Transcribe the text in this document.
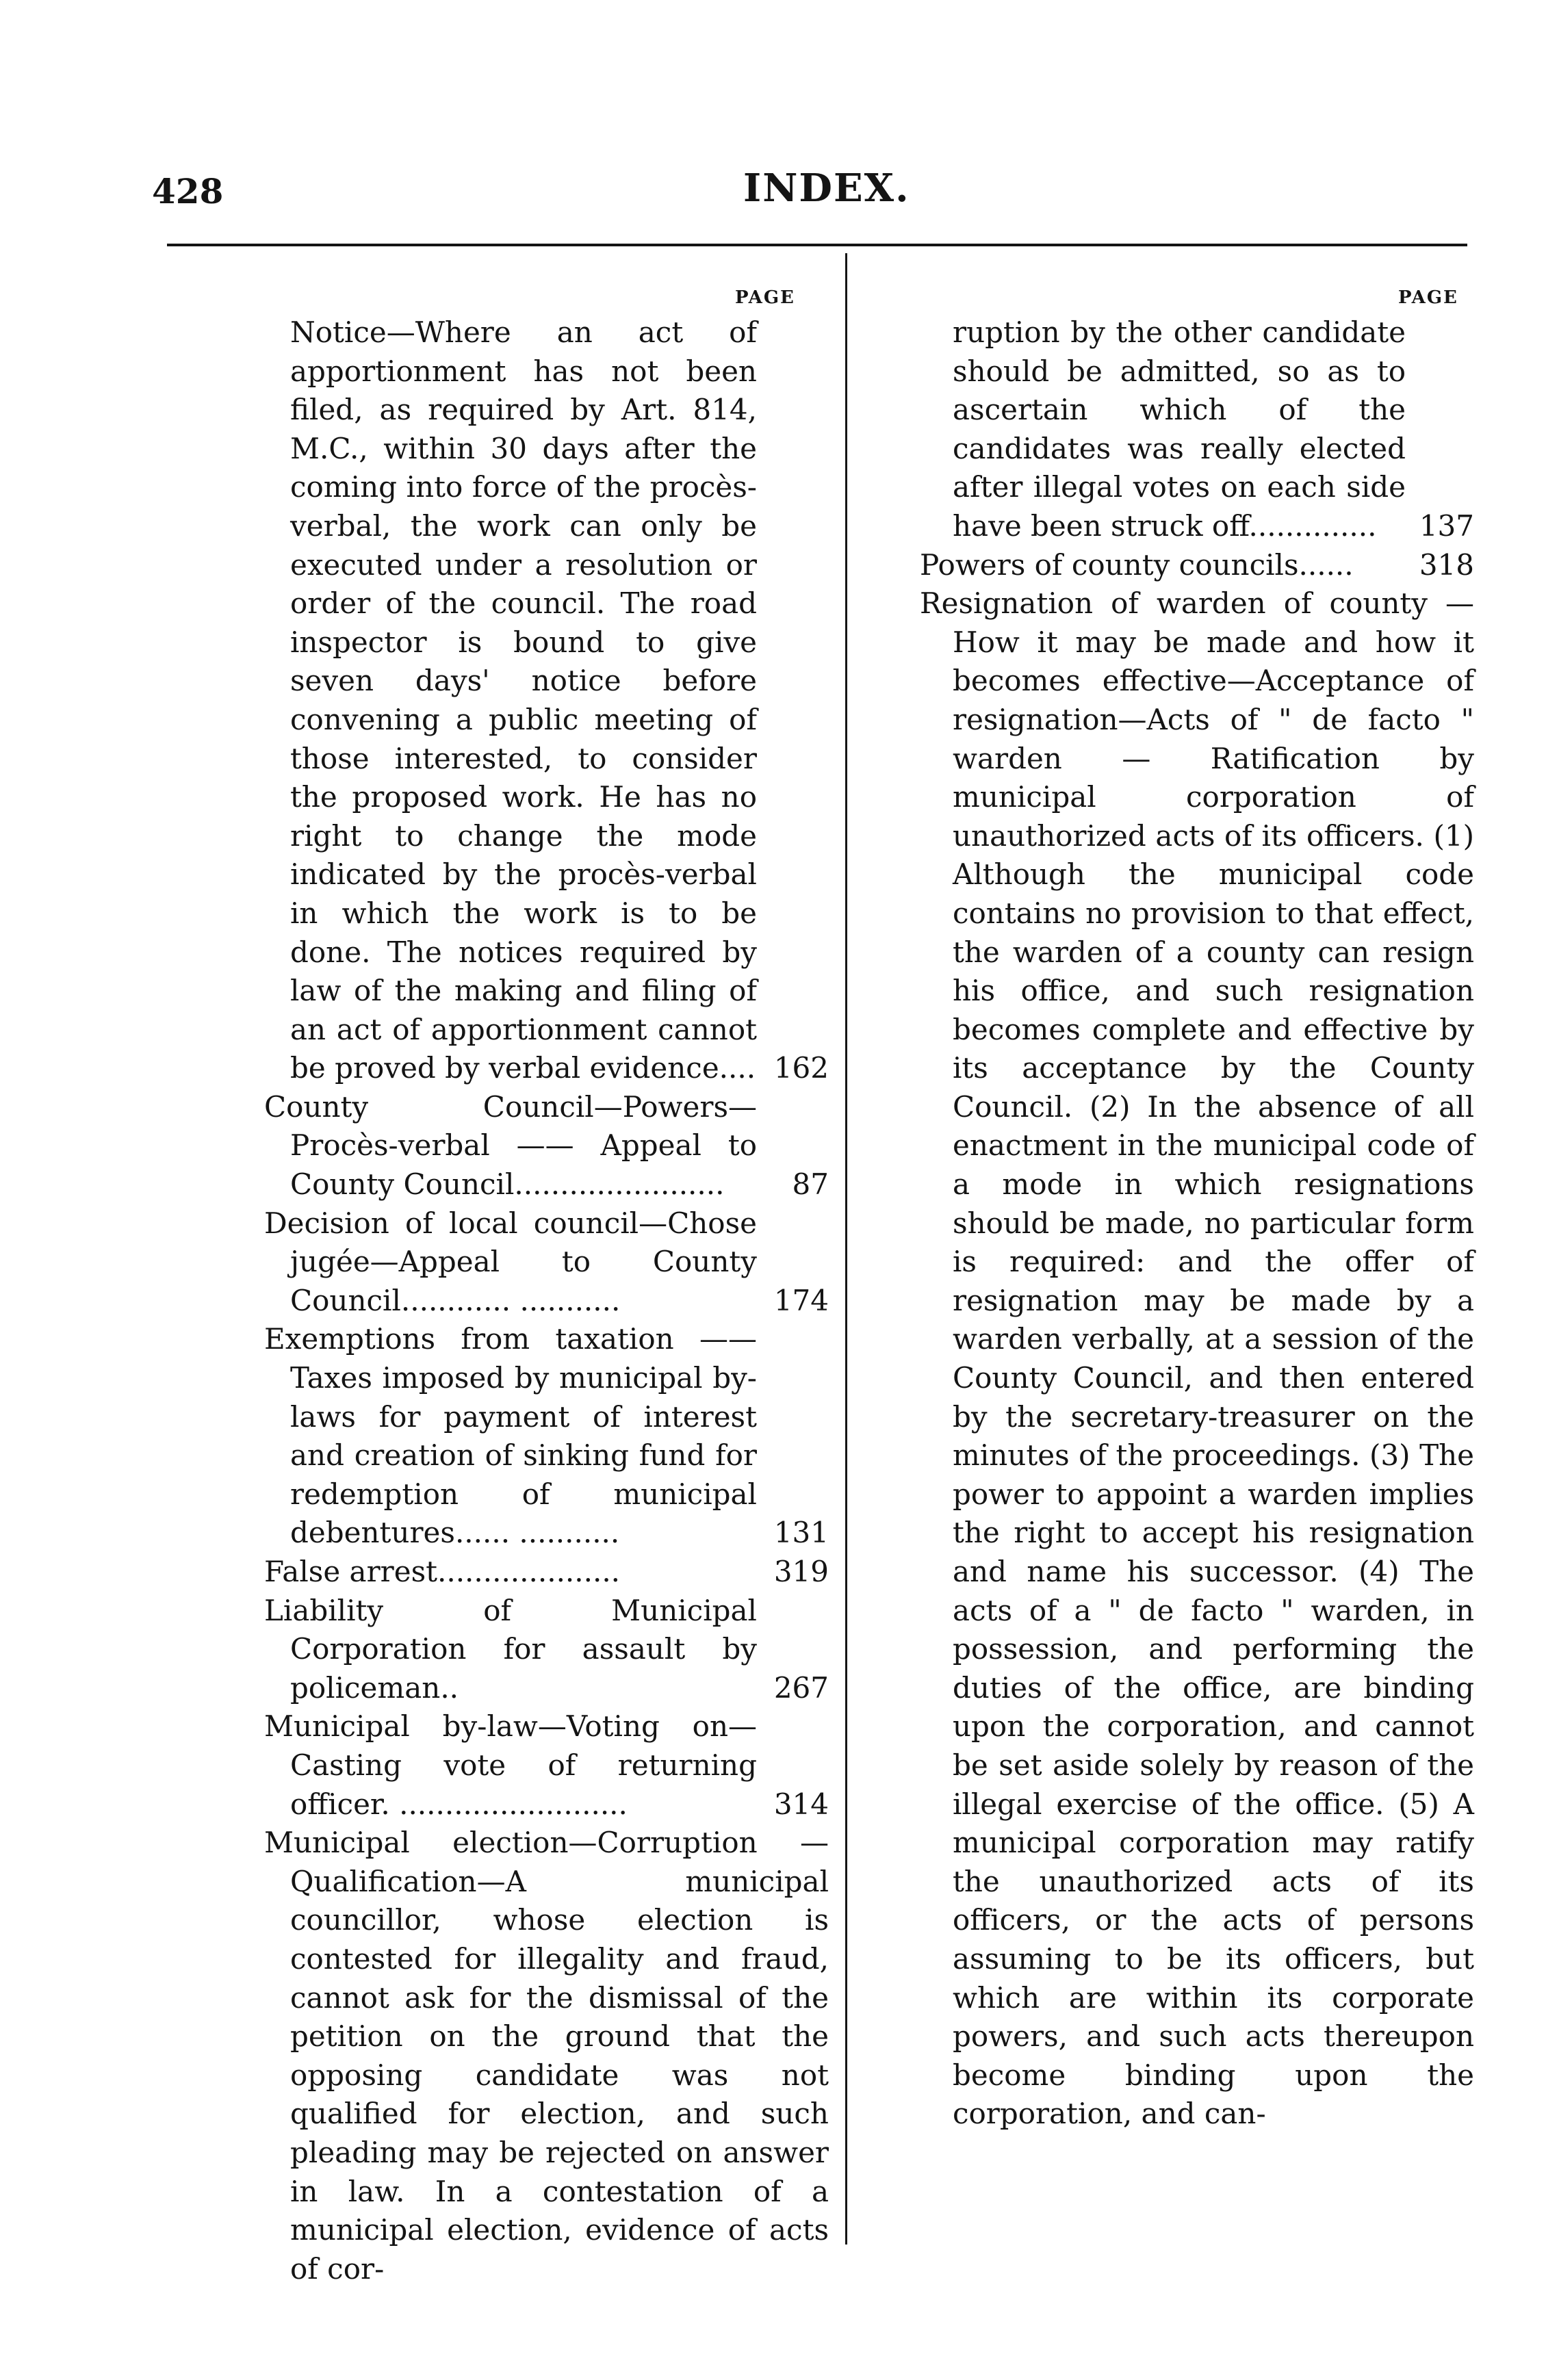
428	INDEX.
PAGE	PAGE
Notice—Where an act of apportionment has not been filed, as required by Art. 814, M.C., within 30 days after the coming into force of the procès-verbal, the work can only be executed under a resolution or order of the council. The road inspector is bound to give seven days' notice before convening a public meeting of those interested, to consider the proposed work. He has no right to change the mode indicated by the procès-verbal in which the work is to be done. The notices required by law of the making and filing of an act of apportionment cannot be proved by verbal evidence.... 162
County Council—Powers—Procès-verbal —— Appeal to County Council.......................	87
Decision of local council—Chose jugée—Appeal to County Council............ ...........	174
Exemptions from taxation —— Taxes imposed by municipal by-laws for payment of interest and creation of sinking fund for redemption of municipal debentures...... ...........	131
False arrest....................	319
Liability of Municipal Corporation for assault by policeman..	267
Municipal by-law—Voting on—Casting vote of returning officer. .........................	314
Municipal election—Corruption —Qualification—A municipal councillor, whose election is contested for illegality and fraud, cannot ask for the dismissal of the petition on the ground that the opposing candidate was not qualified for election, and such pleading may be rejected on answer in law. In a contestation of a municipal election, evidence of acts of cor-
ruption by the other candidate should be admitted, so as to ascertain which of the candidates was really elected after illegal votes on each side have been struck off..............	137
Powers of county councils......	318
Resignation of warden of county —How it may be made and how it becomes effective—Acceptance of resignation—Acts of " de facto " warden — Ratification by municipal corporation of unauthorized acts of its officers. (1) Although the municipal code contains no provision to that effect, the warden of a county can resign his office, and such resignation becomes complete and effective by its acceptance by the County Council. (2) In the absence of all enactment in the municipal code of a mode in which resignations should be made, no particular form is required: and the offer of resignation may be made by a warden verbally, at a session of the County Council, and then entered by the secretary-treasurer on the minutes of the proceedings. (3) The power to appoint a warden implies the right to accept his resignation and name his successor. (4) The acts of a " de facto " warden, in possession, and performing the duties of the office, are binding upon the corporation, and cannot be set aside solely by reason of the illegal exercise of the office. (5) A municipal corporation may ratify the unauthorized acts of its officers, or the acts of persons assuming to be its officers, but which are within its corporate powers, and such acts thereupon become binding upon the corporation, and can-
